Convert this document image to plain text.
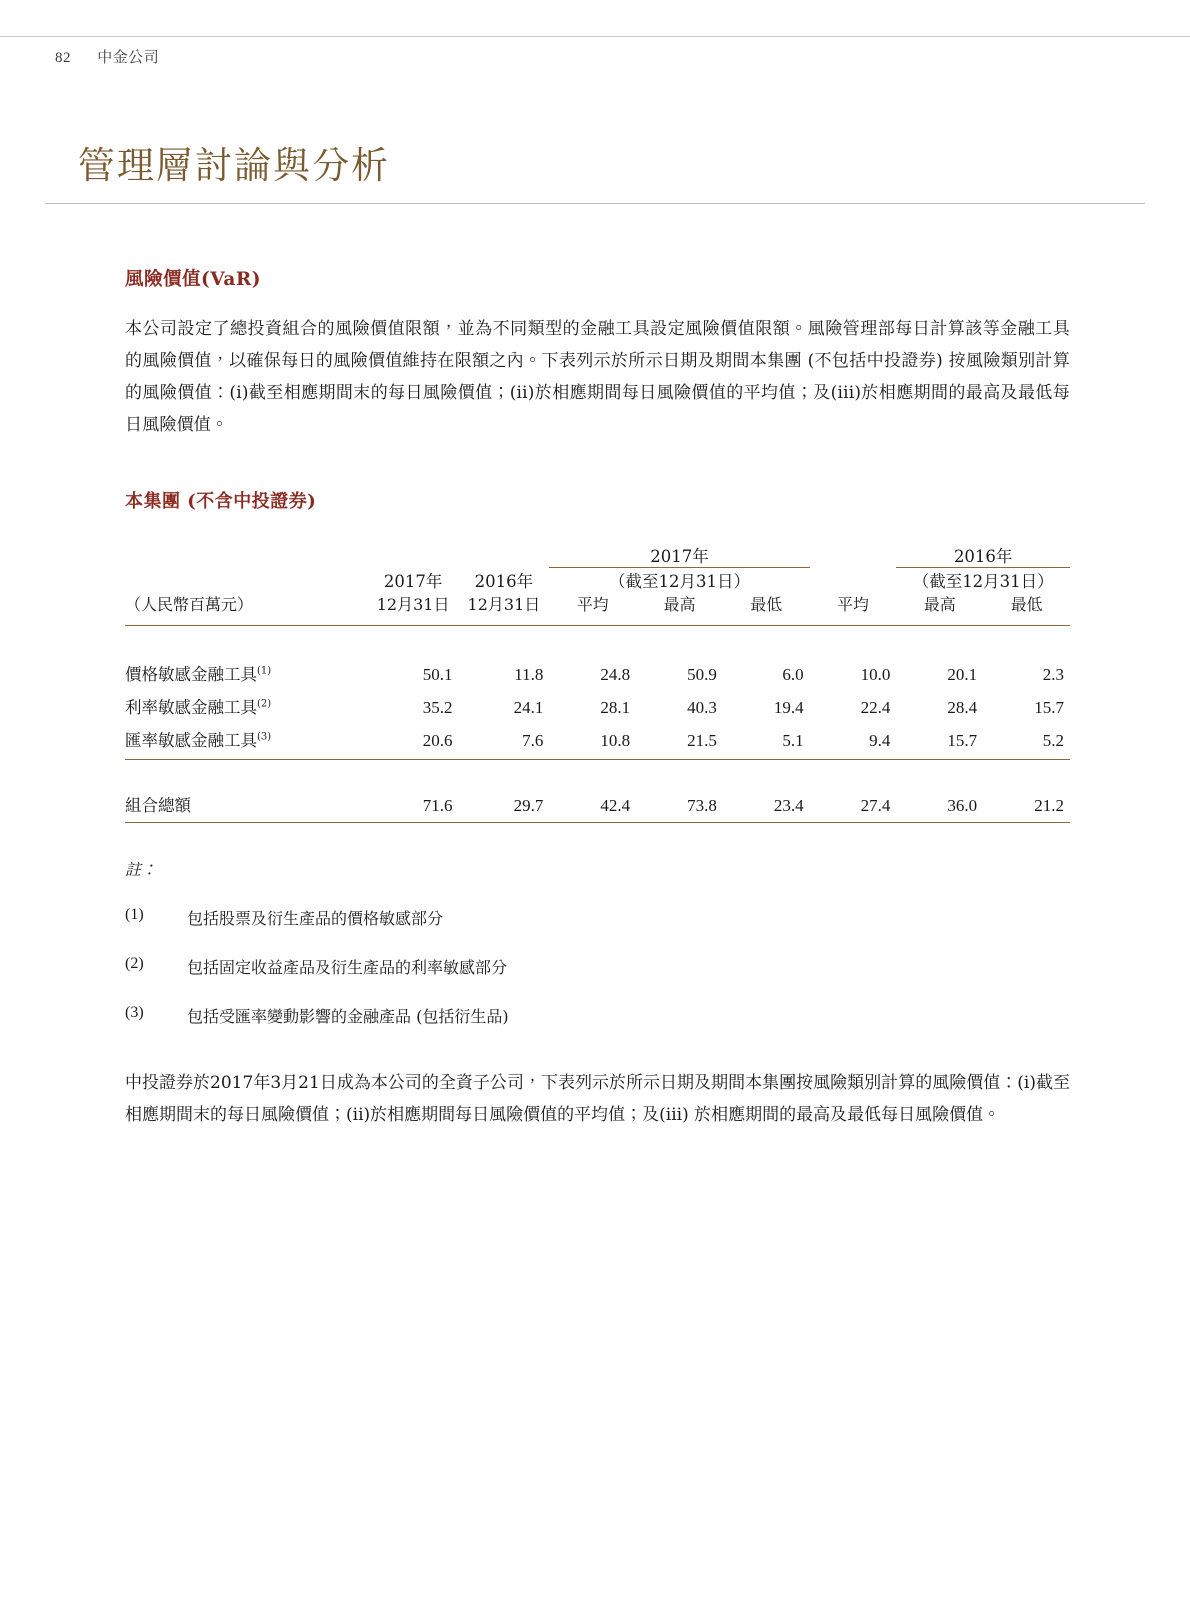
82 中金公司
管理層討論與分析
風險價值(VaR)

本公司設定了總投資組合的風險價值限額，並為不同類型的金融工具設定風險價值限額。風險管理部每日計算該等金融工具的風險價值，以確保每日的風險價值維持在限額之內。下表列示於所示日期及期間本集團 (不包括中投證券) 按風險類別計算的風險價值：(i)截至相應期間末的每日風險價值；(ii)於相應期間每日風險價值的平均值；及(iii)於相應期間的最高及最低每日風險價值。

本集團 (不含中投證券)
			2017年				2016年	
	2017年	2016年	（截至12月31日）				（截至12月31日）	
（人民幣百萬元）	12月31日	12月31日	平均	最高	最低	平均	最高	最低

價格敏感金融工具$^{(1)}$	50.1	11.8	24.8	50.9	6.0	10.0	20.1	2.3
利率敏感金融工具$^{(2)}$	35.2	24.1	28.1	40.3	19.4	22.4	28.4	15.7
匯率敏感金融工具$^{(3)}$	20.6	7.6	10.8	21.5	5.1	9.4	15.7	5.2

組合總額	71.6	29.7	42.4	73.8	23.4	27.4	36.0	21.2

註：
(1)	包括股票及衍生產品的價格敏感部分
(2)	包括固定收益產品及衍生產品的利率敏感部分
(3)	包括受匯率變動影響的金融產品 (包括衍生品)

中投證券於2017年3月21日成為本公司的全資子公司，下表列示於所示日期及期間本集團按風險類別計算的風險價值：(i)截至相應期間末的每日風險價值；(ii)於相應期間每日風險價值的平均值；及(iii) 於相應期間的最高及最低每日風險價值。
